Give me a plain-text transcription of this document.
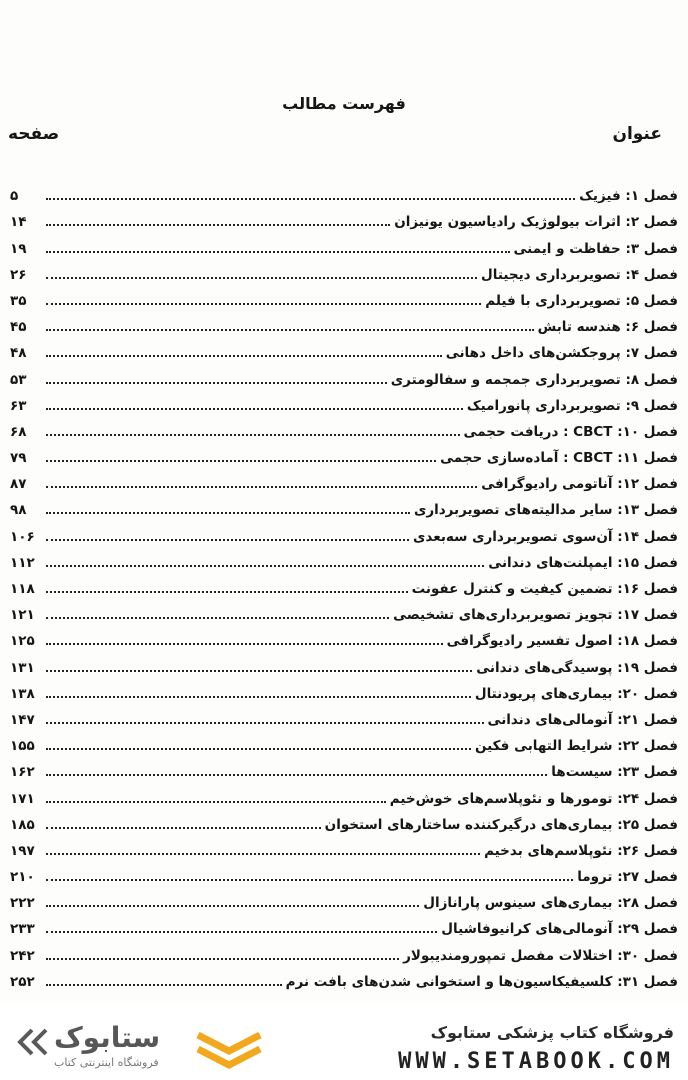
فهرست مطالب
عنوان
صفحه
فصل ۱: فیزیک
۵
فصل ۲: اثرات بیولوژیک رادیاسیون یونیزان
۱۴
فصل ۳: حفاظت و ایمنی
۱۹
فصل ۴: تصویربرداری دیجیتال
۲۶
فصل ۵: تصویربرداری با فیلم
۳۵
فصل ۶: هندسه تابش
۴۵
فصل ۷: پروجکشن‌های داخل دهانی
۴۸
فصل ۸: تصویربرداری جمجمه و سفالومتری
۵۳
فصل ۹: تصویربرداری پانورامیک
۶۳
فصل ۱۰: CBCT : دریافت حجمی
۶۸
فصل ۱۱: CBCT : آماده‌سازی حجمی
۷۹
فصل ۱۲: آناتومی رادیوگرافی
۸۷
فصل ۱۳: سایر مدالیته‌های تصویربرداری
۹۸
فصل ۱۴: آن‌سوی تصویربرداری سه‌بعدی
۱۰۶
فصل ۱۵: ایمپلنت‌های دندانی
۱۱۲
فصل ۱۶: تضمین کیفیت و کنترل عفونت
۱۱۸
فصل ۱۷: تجویز تصویربرداری‌های تشخیصی
۱۲۱
فصل ۱۸: اصول تفسیر رادیوگرافی
۱۲۵
فصل ۱۹: پوسیدگی‌های دندانی
۱۳۱
فصل ۲۰: بیماری‌های پریودنتال
۱۳۸
فصل ۲۱: آنومالی‌های دندانی
۱۴۷
فصل ۲۲: شرایط التهابی فکین
۱۵۵
فصل ۲۳: سیست‌ها
۱۶۲
فصل ۲۴: تومورها و نئوپلاسم‌های خوش‌خیم
۱۷۱
فصل ۲۵: بیماری‌های درگیرکننده ساختارهای استخوان
۱۸۵
فصل ۲۶: نئوپلاسم‌های بدخیم
۱۹۷
فصل ۲۷: تروما
۲۱۰
فصل ۲۸: بیماری‌های سینوس پارانازال
۲۲۲
فصل ۲۹: آنومالی‌های کرانیوفاشیال
۲۳۳
فصل ۳۰: اختلالات مفصل تمپورومندیبولار
۲۴۲
فصل ۳۱: کلسیفیکاسیون‌ها و استخوانی شدن‌های بافت نرم
۲۵۲
فروشگاه کتاب پزشکی ستابوک
WWW.SETABOOK.COM
ستابوک
فروشگاه اینترنتی کتاب
